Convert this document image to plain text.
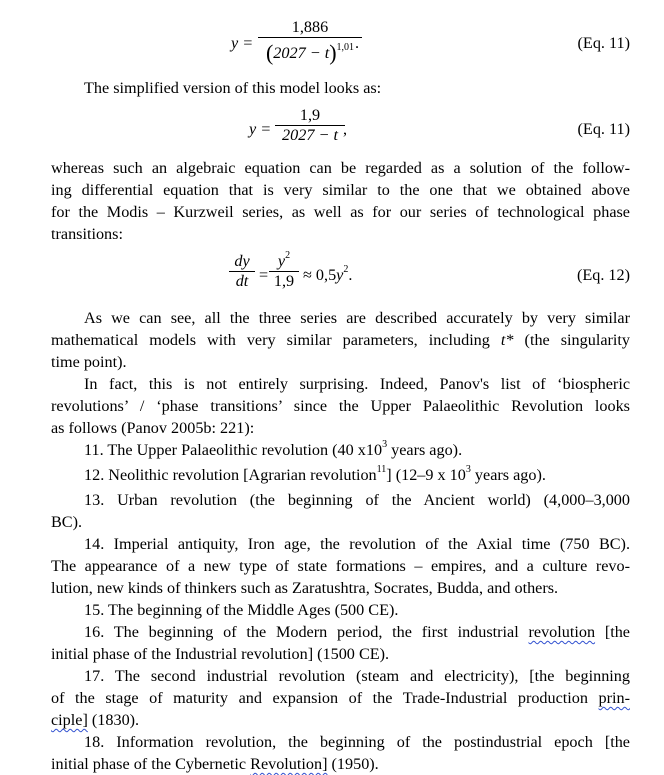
y =
1,886
$(2027 - t)^{1,01}$ .	(Eq. 11)
The simplified version of this model looks as:
y =
1,9
2027 − t ,	(Eq. 11)
whereas such an algebraic equation can be regarded as a solution of the follow-
ing differential equation that is very similar to the one that we obtained above
for the Modis – Kurzweil series, as well as for our series of technological phase
transitions:
dy
dt =
$y^2$
$1,9 \approx 0,5y^2$.	(Eq. 12)
As we can see, all the three series are described accurately by very similar
mathematical models with very similar parameters, including t* (the singularity
time point).
In fact, this is not entirely surprising. Indeed, Panov's list of ‘biospheric
revolutions’ / ‘phase transitions’ since the Upper Palaeolithic Revolution looks
as follows (Panov 2005b: 221):
11. The Upper Palaeolithic revolution (40 $x10^3$ years ago).
12. Neolithic revolution [Agrarian revolution$^{11}$] (12–9 x $10^3$ years ago).
13. Urban revolution (the beginning of the Ancient world) (4,000–3,000
BC).
14. Imperial antiquity, Iron age, the revolution of the Axial time (750 BC).
The appearance of a new type of state formations – empires, and a culture revo-
lution, new kinds of thinkers such as Zaratushtra, Socrates, Budda, and others.
15. The beginning of the Middle Ages (500 CE).
16. The beginning of the Modern period, the first industrial revolution [the
initial phase of the Industrial revolution] (1500 CE).
17. The second industrial revolution (steam and electricity), [the beginning
of the stage of maturity and expansion of the Trade-Industrial production prin-
ciple] (1830).
18. Information revolution, the beginning of the postindustrial epoch [the
initial phase of the Cybernetic Revolution] (1950).
